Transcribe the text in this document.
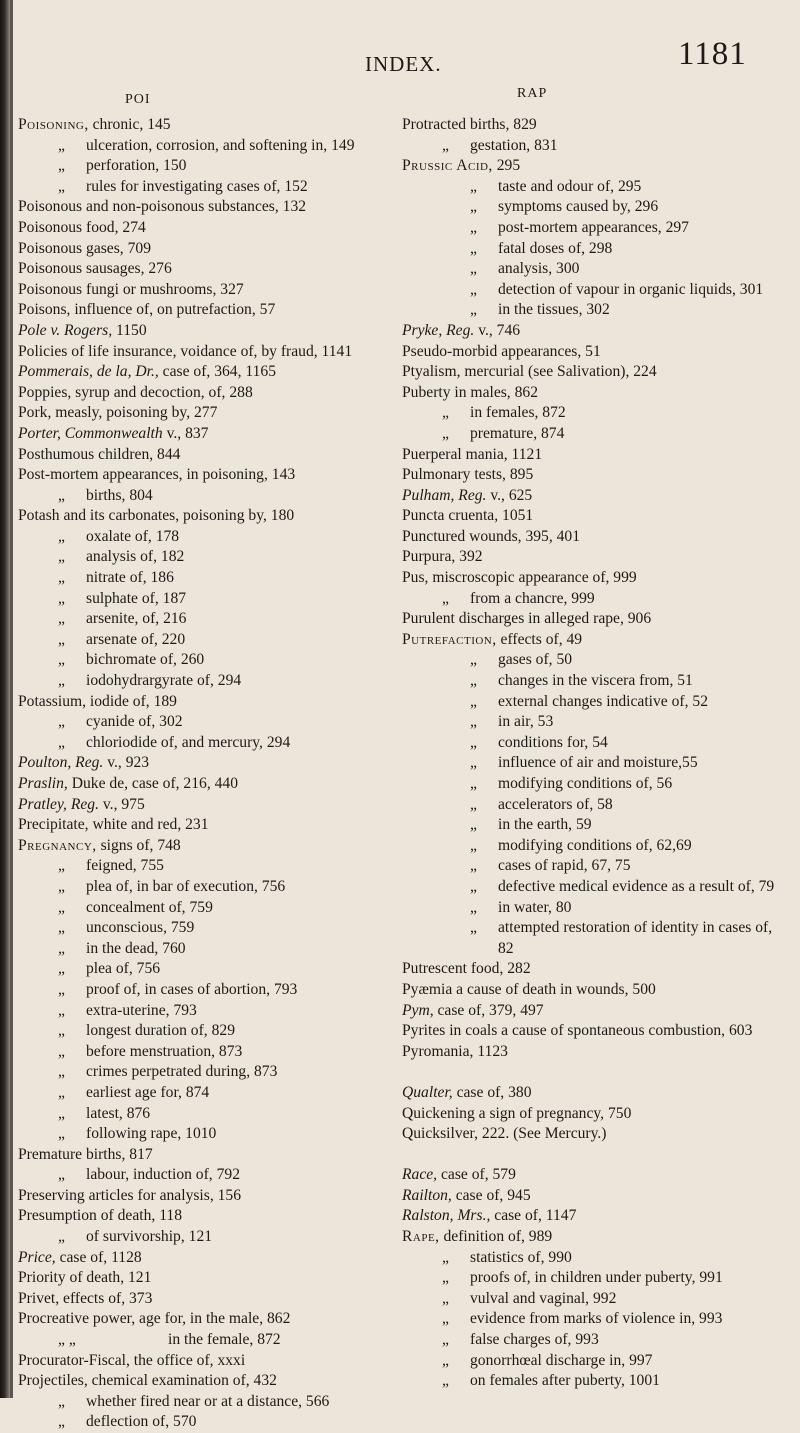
INDEX.	1181
POI	RAP
Poisoning, chronic, 145
„ ulceration, corrosion, and softening in, 149
„ perforation, 150
„ rules for investigating cases of, 152
Poisonous and non-poisonous substances, 132
Poisonous food, 274
Poisonous gases, 709
Poisonous sausages, 276
Poisonous fungi or mushrooms, 327
Poisons, influence of, on putrefaction, 57
Pole v. Rogers, 1150
Policies of life insurance, voidance of, by fraud, 1141
Pommerais, de la, Dr., case of, 364, 1165
Poppies, syrup and decoction, of, 288
Pork, measly, poisoning by, 277
Porter, Commonwealth v., 837
Posthumous children, 844
Post-mortem appearances, in poisoning, 143
„ births, 804
Potash and its carbonates, poisoning by, 180
„ oxalate of, 178
„ analysis of, 182
„ nitrate of, 186
„ sulphate of, 187
„ arsenite, of, 216
„ arsenate of, 220
„ bichromate of, 260
„ iodohydrargyrate of, 294
Potassium, iodide of, 189
„ cyanide of, 302
„ chloriodide of, and mercury, 294
Poulton, Reg. v., 923
Praslin, Duke de, case of, 216, 440
Pratley, Reg. v., 975
Precipitate, white and red, 231
Pregnancy, signs of, 748
„ feigned, 755
„ plea of, in bar of execution, 756
„ concealment of, 759
„ unconscious, 759
„ in the dead, 760
„ plea of, 756
„ proof of, in cases of abortion, 793
„ extra-uterine, 793
„ longest duration of, 829
„ before menstruation, 873
„ crimes perpetrated during, 873
„ earliest age for, 874
„ latest, 876
„ following rape, 1010
Premature births, 817
„ labour, induction of, 792
Preserving articles for analysis, 156
Presumption of death, 118
„ of survivorship, 121
Price, case of, 1128
Priority of death, 121
Privet, effects of, 373
Procreative power, age for, in the male, 862
„ „	in the female, 872
Procurator-Fiscal, the office of, xxxi
Projectiles, chemical examination of, 432
„ whether fired near or at a distance, 566
„ deflection of, 570
Protracted births, 829
„ gestation, 831
Prussic Acid, 295
„ taste and odour of, 295
„ symptoms caused by, 296
„ post-mortem appearances, 297
„ fatal doses of, 298
„ analysis, 300
„ detection of vapour in organic liquids, 301
„ in the tissues, 302
Pryke, Reg. v., 746
Pseudo-morbid appearances, 51
Ptyalism, mercurial (see Salivation), 224
Puberty in males, 862
„ in females, 872
„ premature, 874
Puerperal mania, 1121
Pulmonary tests, 895
Pulham, Reg. v., 625
Puncta cruenta, 1051
Punctured wounds, 395, 401
Purpura, 392
Pus, miscroscopic appearance of, 999
„ from a chancre, 999
Purulent discharges in alleged rape, 906
Putrefaction, effects of, 49
„ gases of, 50
„ changes in the viscera from, 51
„ external changes indicative of, 52
„ in air, 53
„ conditions for, 54
„ influence of air and moisture,55
„ modifying conditions of, 56
„ accelerators of, 58
„ in the earth, 59
„ modifying conditions of, 62,69
„ cases of rapid, 67, 75
„ defective medical evidence as a result of, 79
„ in water, 80
„ attempted restoration of identity in cases of, 82
Putrescent food, 282
Pyæmia a cause of death in wounds, 500
Pym, case of, 379, 497
Pyrites in coals a cause of spontaneous combustion, 603
Pyromania, 1123
Qualter, case of, 380
Quickening a sign of pregnancy, 750
Quicksilver, 222. (See Mercury.)
Race, case of, 579
Railton, case of, 945
Ralston, Mrs., case of, 1147
Rape, definition of, 989
„ statistics of, 990
„ proofs of, in children under puberty, 991
„ vulval and vaginal, 992
„ evidence from marks of violence in, 993
„ false charges of, 993
„ gonorrhœal discharge in, 997
„ on females after puberty, 1001
